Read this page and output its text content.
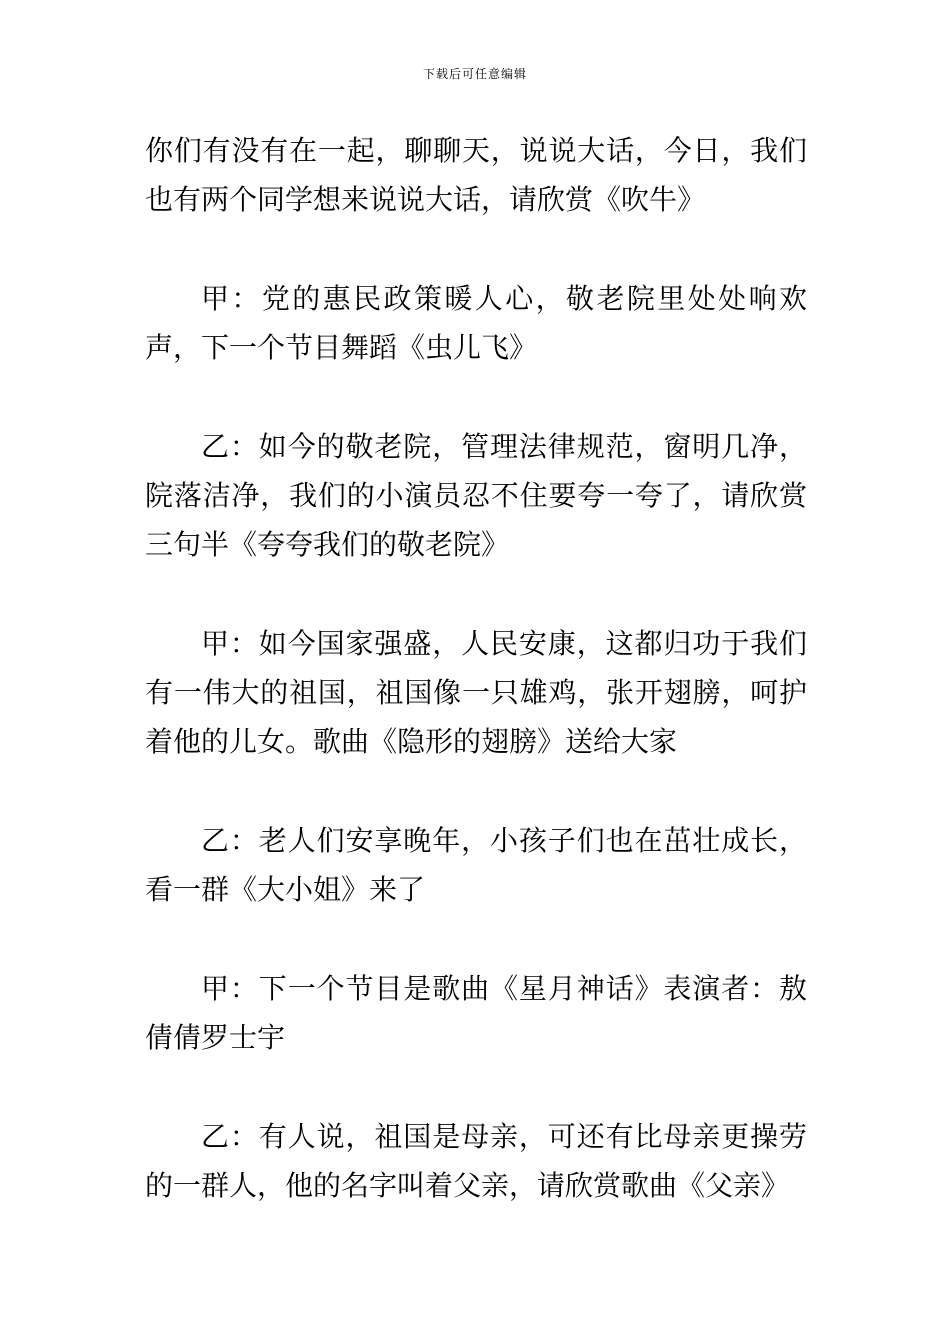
下载后可任意编辑

你们有没有在一起，聊聊天，说说大话，今日，我们也有两个同学想来说说大话，请欣赏《吹牛》

甲：党的惠民政策暖人心，敬老院里处处响欢声，下一个节目舞蹈《虫儿飞》

乙：如今的敬老院，管理法律规范，窗明几净，院落洁净，我们的小演员忍不住要夸一夸了，请欣赏三句半《夸夸我们的敬老院》

甲：如今国家强盛，人民安康，这都归功于我们有一伟大的祖国，祖国像一只雄鸡，张开翅膀，呵护着他的儿女。歌曲《隐形的翅膀》送给大家

乙：老人们安享晚年，小孩子们也在茁壮成长，看一群《大小姐》来了

甲：下一个节目是歌曲《星月神话》表演者：敖倩倩罗士宇

乙：有人说，祖国是母亲，可还有比母亲更操劳的一群人，他的名字叫着父亲，请欣赏歌曲《父亲》
